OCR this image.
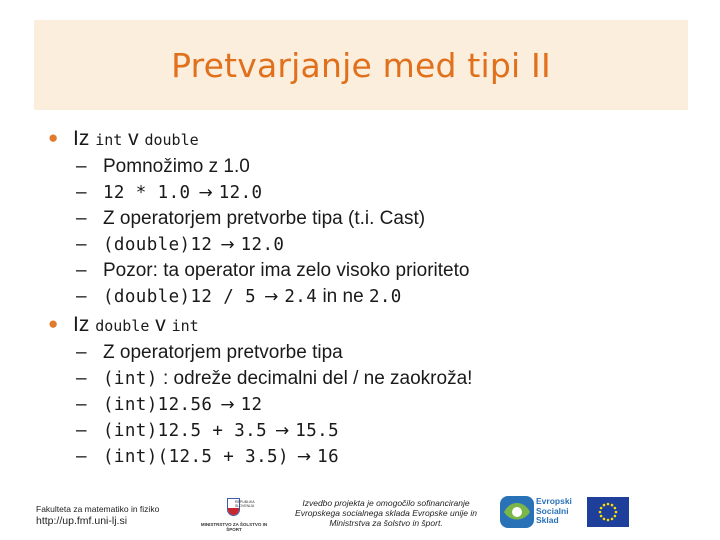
Pretvarjanje med tipi II
● Iz int v double
– Pomnožimo z 1.0
– 12 * 1.0 → 12.0
– Z operatorjem pretvorbe tipa (t.i. Cast)
– (double)12 → 12.0
– Pozor: ta operator ima zelo visoko prioriteto
– (double)12 / 5 → 2.4 in ne 2.0
● Iz double v int
– Z operatorjem pretvorbe tipa
– (int) : odreže decimalni del / ne zaokroža!
– (int)12.56 → 12
– (int)12.5 + 3.5 → 15.5
– (int)(12.5 + 3.5) → 16
Fakulteta za matematiko in fiziko
http://up.fmf.uni-lj.si
REPUBLIKA SLOVENIJA
MINISTRSTVO ZA ŠOLSTVO IN ŠPORT
Izvedbo projekta je omogočilo sofinanciranje
Evropskega socialnega sklada Evropske unije in
Ministrstva za šolstvo in šport.
Evropski
Socialni
Sklad
